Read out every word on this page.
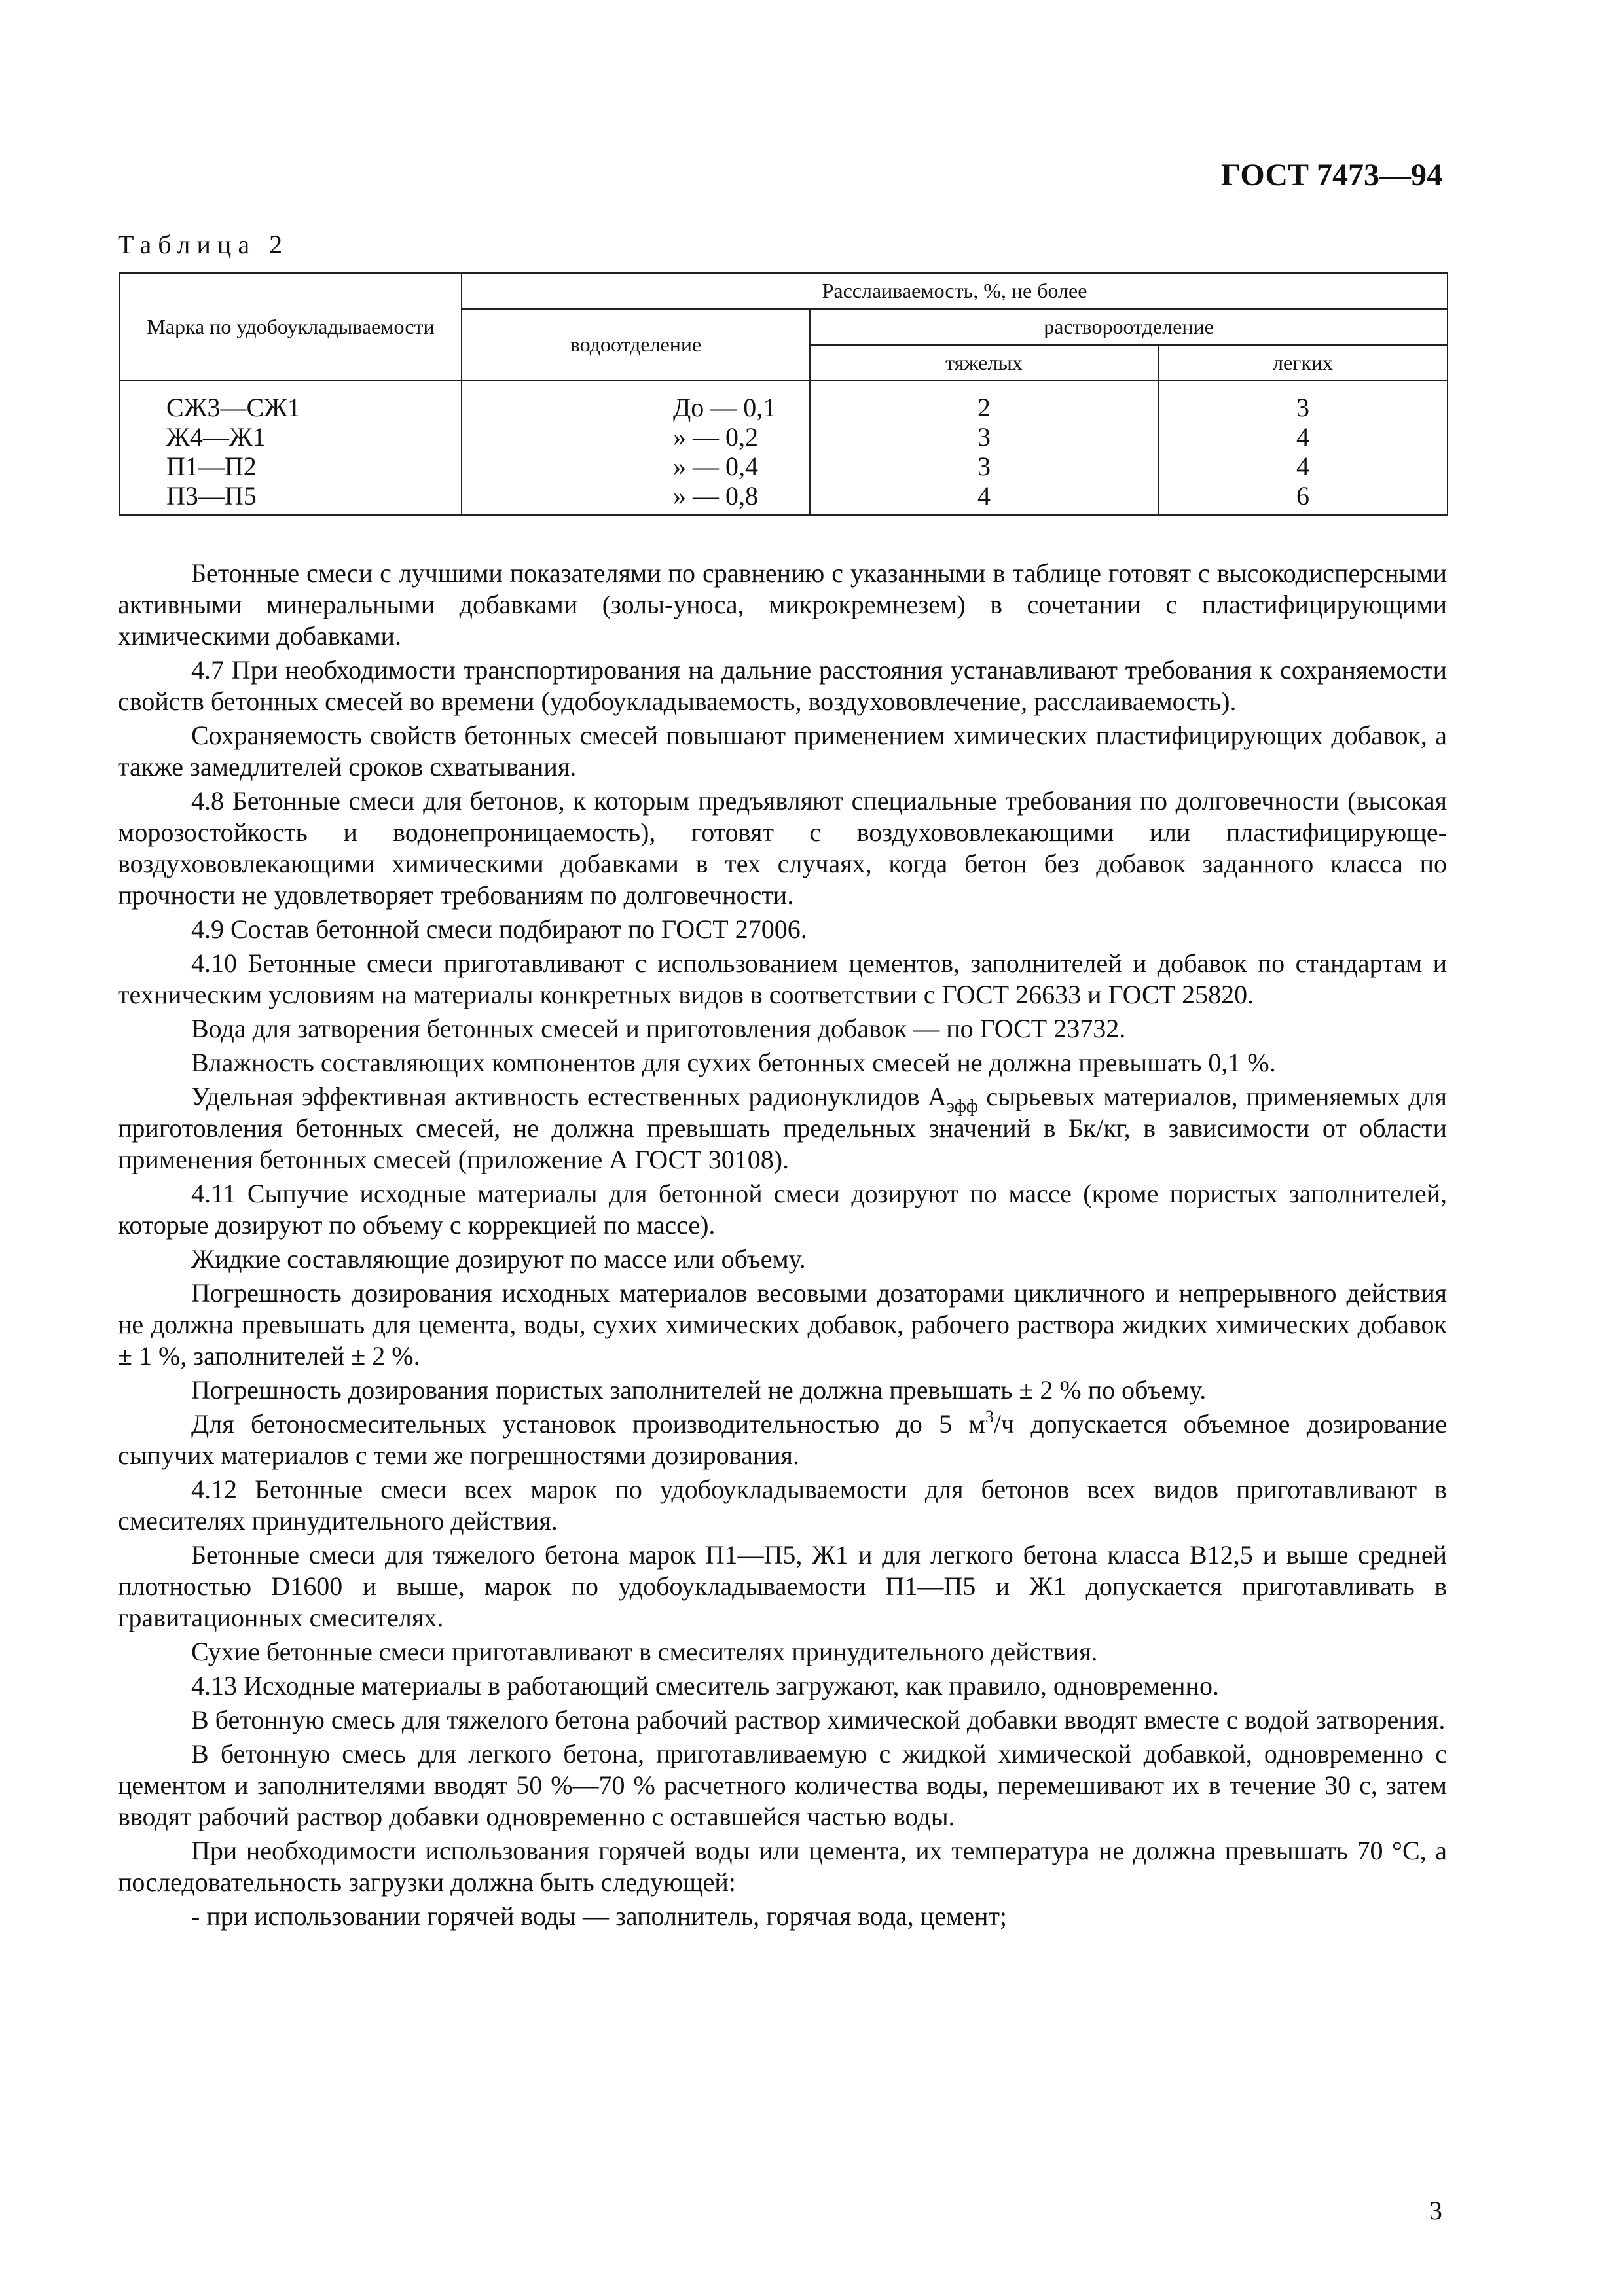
ГОСТ 7473—94
Таблица 2
Марка по удобоукладываемости	Расслаиваемость, %, не более		
	водоотделение	раствороотделение	
		тяжелых	легких
СЖ3—СЖ1	До — 0,1	2	3
Ж4—Ж1	» — 0,2	3	4
П1—П2	» — 0,4	3	4
П3—П5	» — 0,8	4	6

Бетонные смеси с лучшими показателями по сравнению с указанными в таблице готовят с высокодисперсными активными минеральными добавками (золы-уноса, микрокремнезем) в сочетании с пластифицирующими химическими добавками.

4.7 При необходимости транспортирования на дальние расстояния устанавливают требования к сохраняемости свойств бетонных смесей во времени (удобоукладываемость, воздухововлечение, расслаиваемость).

Сохраняемость свойств бетонных смесей повышают применением химических пластифицирующих добавок, а также замедлителей сроков схватывания.

4.8 Бетонные смеси для бетонов, к которым предъявляют специальные требования по долговечности (высокая морозостойкость и водонепроницаемость), готовят с воздухововлекающими или пластифицирующе-воздухововлекающими химическими добавками в тех случаях, когда бетон без добавок заданного класса по прочности не удовлетворяет требованиям по долговечности.

4.9 Состав бетонной смеси подбирают по ГОСТ 27006.

4.10 Бетонные смеси приготавливают с использованием цементов, заполнителей и добавок по стандартам и техническим условиям на материалы конкретных видов в соответствии с ГОСТ 26633 и ГОСТ 25820.

Вода для затворения бетонных смесей и приготовления добавок — по ГОСТ 23732.

Влажность составляющих компонентов для сухих бетонных смесей не должна превышать 0,1 %.

Удельная эффективная активность естественных радионуклидов $А_{эфф}$ сырьевых материалов, применяемых для приготовления бетонных смесей, не должна превышать предельных значений в Бк/кг, в зависимости от области применения бетонных смесей (приложение А ГОСТ 30108).

4.11 Сыпучие исходные материалы для бетонной смеси дозируют по массе (кроме пористых заполнителей, которые дозируют по объему с коррекцией по массе).

Жидкие составляющие дозируют по массе или объему.

Погрешность дозирования исходных материалов весовыми дозаторами цикличного и непрерывного действия не должна превышать для цемента, воды, сухих химических добавок, рабочего раствора жидких химических добавок ± 1 %, заполнителей ± 2 %.

Погрешность дозирования пористых заполнителей не должна превышать ± 2 % по объему.

Для бетоносмесительных установок производительностью до 5 $м^3/ч$ допускается объемное дозирование сыпучих материалов с теми же погрешностями дозирования.

4.12 Бетонные смеси всех марок по удобоукладываемости для бетонов всех видов приготавливают в смесителях принудительного действия.

Бетонные смеси для тяжелого бетона марок П1—П5, Ж1 и для легкого бетона класса В12,5 и выше средней плотностью D1600 и выше, марок по удобоукладываемости П1—П5 и Ж1 допускается приготавливать в гравитационных смесителях.

Сухие бетонные смеси приготавливают в смесителях принудительного действия.

4.13 Исходные материалы в работающий смеситель загружают, как правило, одновременно.

В бетонную смесь для тяжелого бетона рабочий раствор химической добавки вводят вместе с водой затворения.

В бетонную смесь для легкого бетона, приготавливаемую с жидкой химической добавкой, одновременно с цементом и заполнителями вводят 50 %—70 % расчетного количества воды, перемешивают их в течение 30 с, затем вводят рабочий раствор добавки одновременно с оставшейся частью воды.

При необходимости использования горячей воды или цемента, их температура не должна превышать 70 °С, а последовательность загрузки должна быть следующей:

- при использовании горячей воды — заполнитель, горячая вода, цемент;

3
